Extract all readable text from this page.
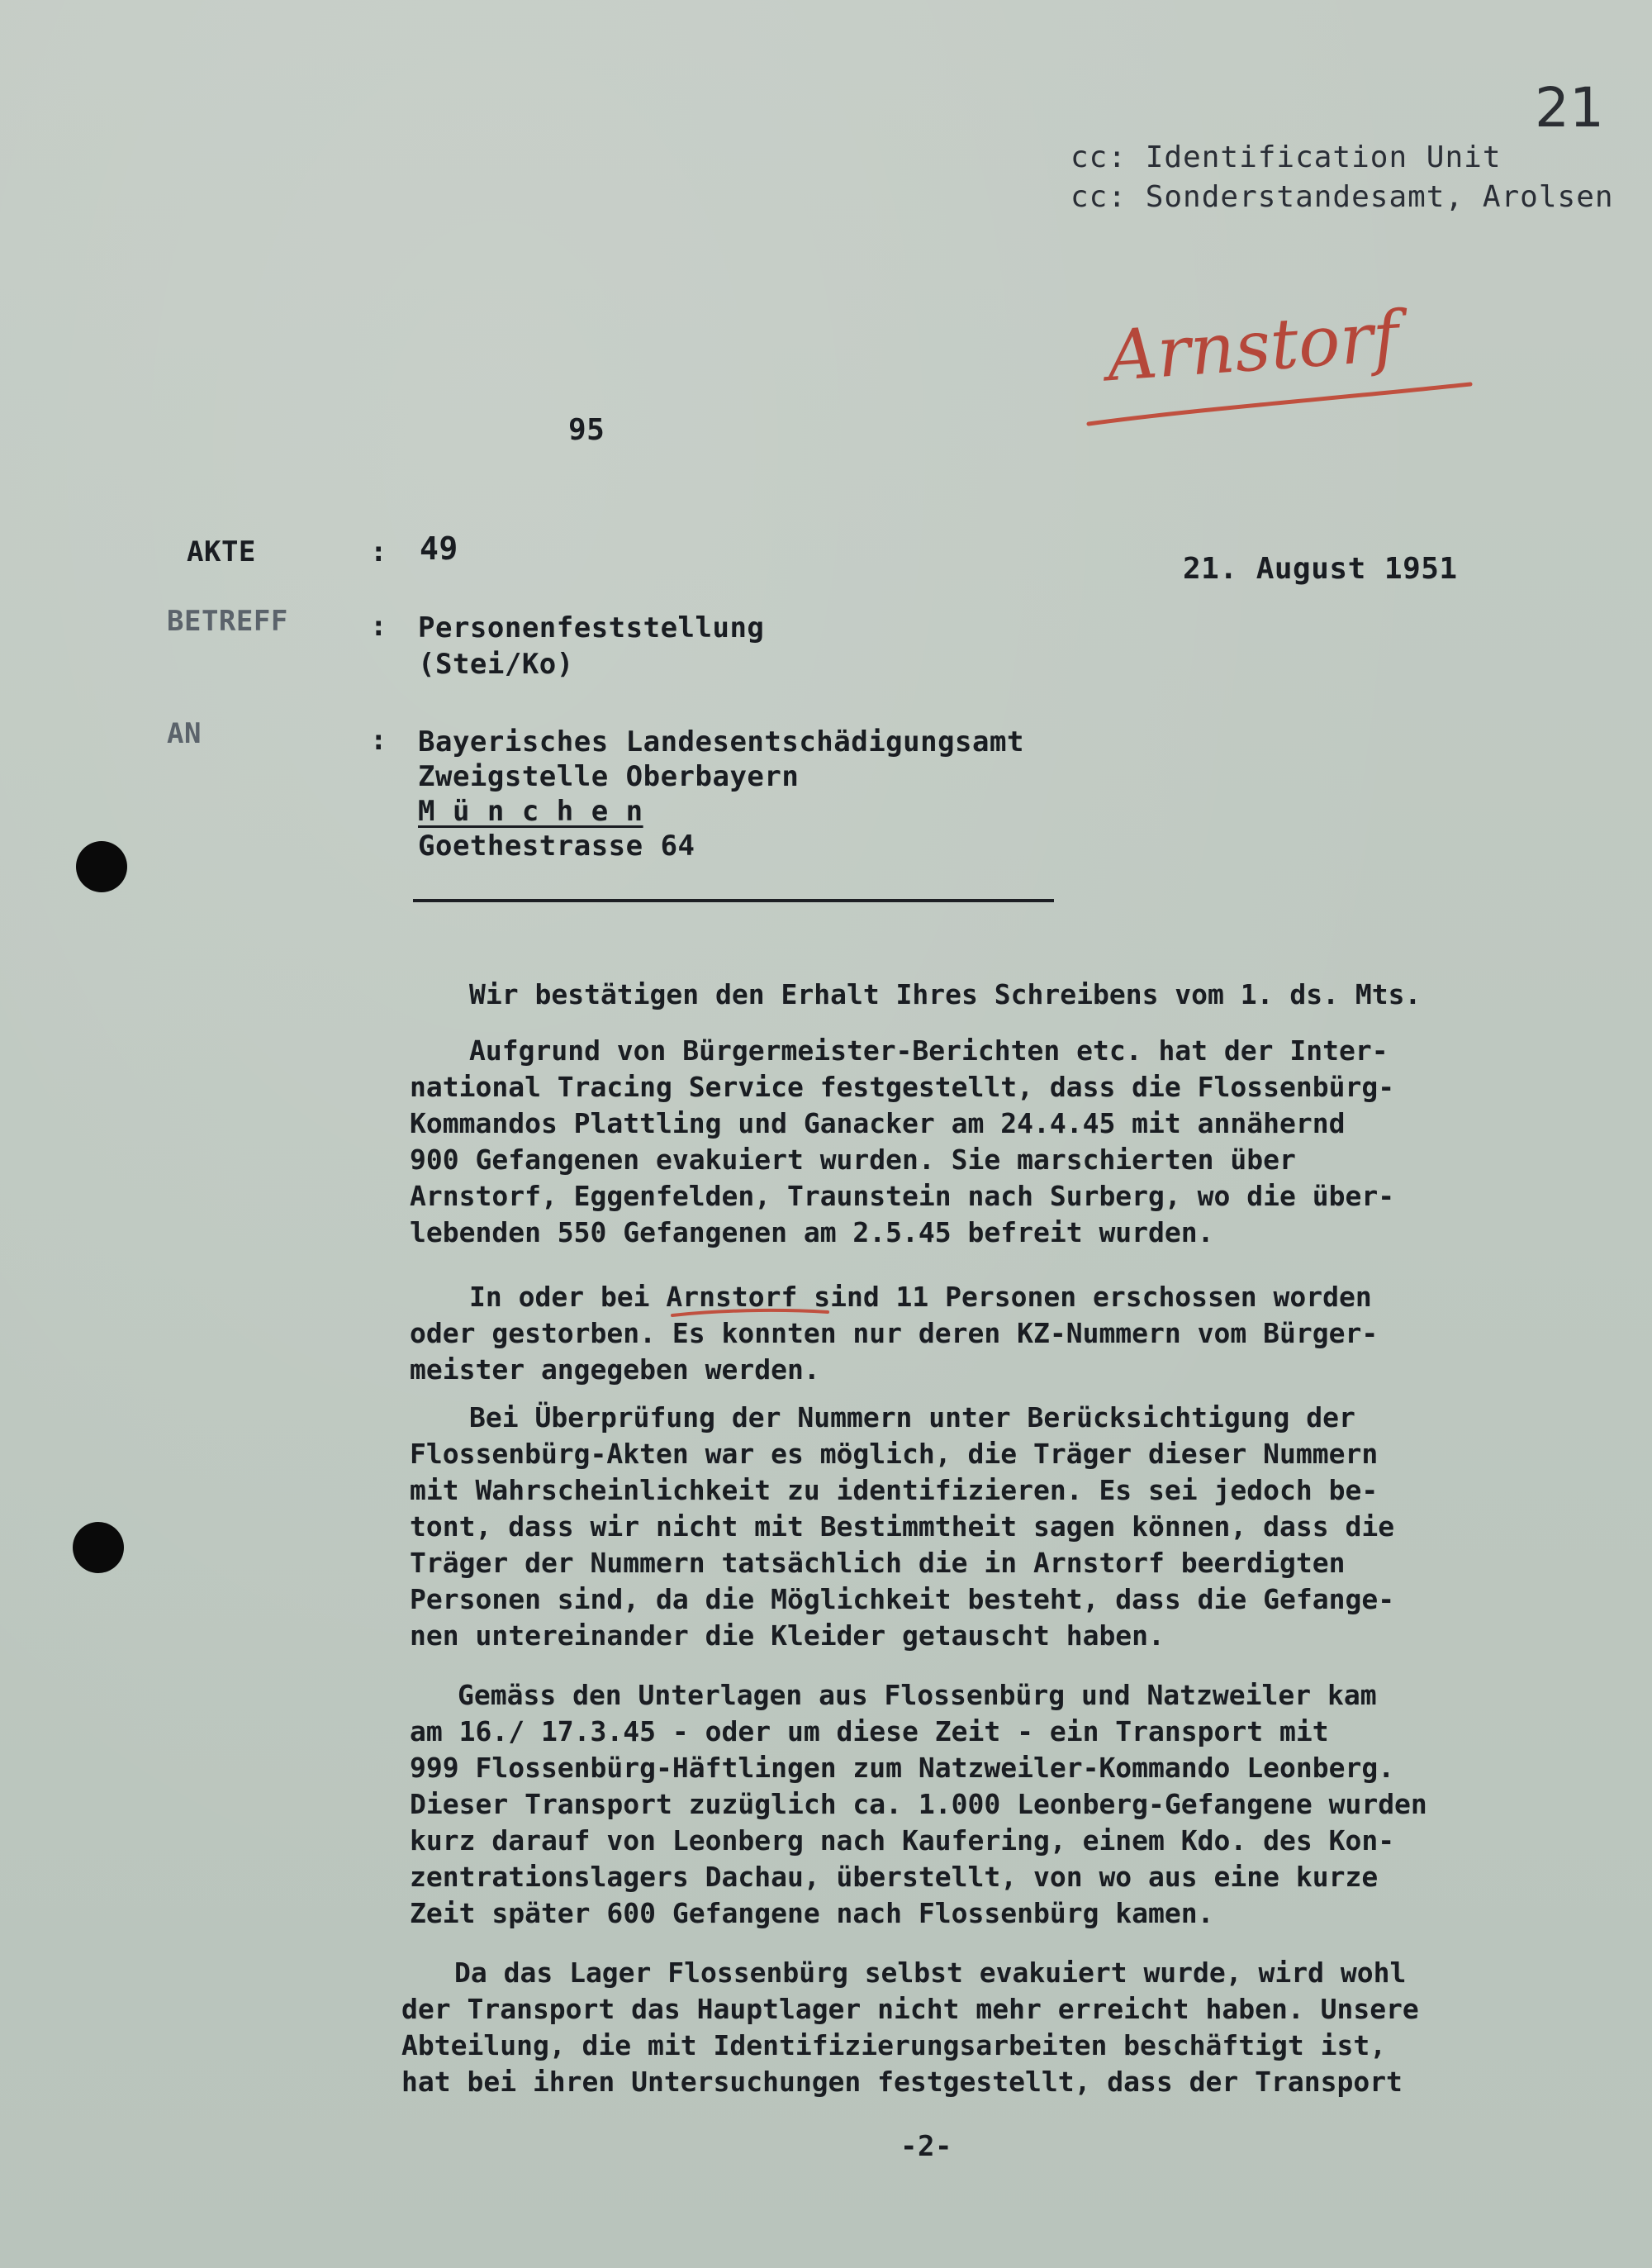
21
cc: Identification Unit
cc: Sonderstandesamt, Arolsen
Arnstorf
95
AKTE	: 49
21. August 1951
BETREFF	: Personenfeststellung
(Stei/Ko)
AN	: Bayerisches Landesentschädigungsamt
Zweigstelle Oberbayern
M ü n c h e n
Goethestrasse 64
Wir bestätigen den Erhalt Ihres Schreibens vom 1. ds. Mts.
Aufgrund von Bürgermeister-Berichten etc. hat der Inter-
national Tracing Service festgestellt, dass die Flossenbürg-
Kommandos Plattling und Ganacker am 24.4.45 mit annähernd
900 Gefangenen evakuiert wurden. Sie marschierten über
Arnstorf, Eggenfelden, Traunstein nach Surberg, wo die über-
lebenden 550 Gefangenen am 2.5.45 befreit wurden.
In oder bei Arnstorf sind 11 Personen erschossen worden
oder gestorben. Es konnten nur deren KZ-Nummern vom Bürger-
meister angegeben werden.
Bei Überprüfung der Nummern unter Berücksichtigung der
Flossenbürg-Akten war es möglich, die Träger dieser Nummern
mit Wahrscheinlichkeit zu identifizieren. Es sei jedoch be-
tont, dass wir nicht mit Bestimmtheit sagen können, dass die
Träger der Nummern tatsächlich die in Arnstorf beerdigten
Personen sind, da die Möglichkeit besteht, dass die Gefange-
nen untereinander die Kleider getauscht haben.
Gemäss den Unterlagen aus Flossenbürg und Natzweiler kam
am 16./ 17.3.45 - oder um diese Zeit - ein Transport mit
999 Flossenbürg-Häftlingen zum Natzweiler-Kommando Leonberg.
Dieser Transport zuzüglich ca. 1.000 Leonberg-Gefangene wurden
kurz darauf von Leonberg nach Kaufering, einem Kdo. des Kon-
zentrationslagers Dachau, überstellt, von wo aus eine kurze
Zeit später 600 Gefangene nach Flossenbürg kamen.
Da das Lager Flossenbürg selbst evakuiert wurde, wird wohl
der Transport das Hauptlager nicht mehr erreicht haben. Unsere
Abteilung, die mit Identifizierungsarbeiten beschäftigt ist,
hat bei ihren Untersuchungen festgestellt, dass der Transport
-2-
